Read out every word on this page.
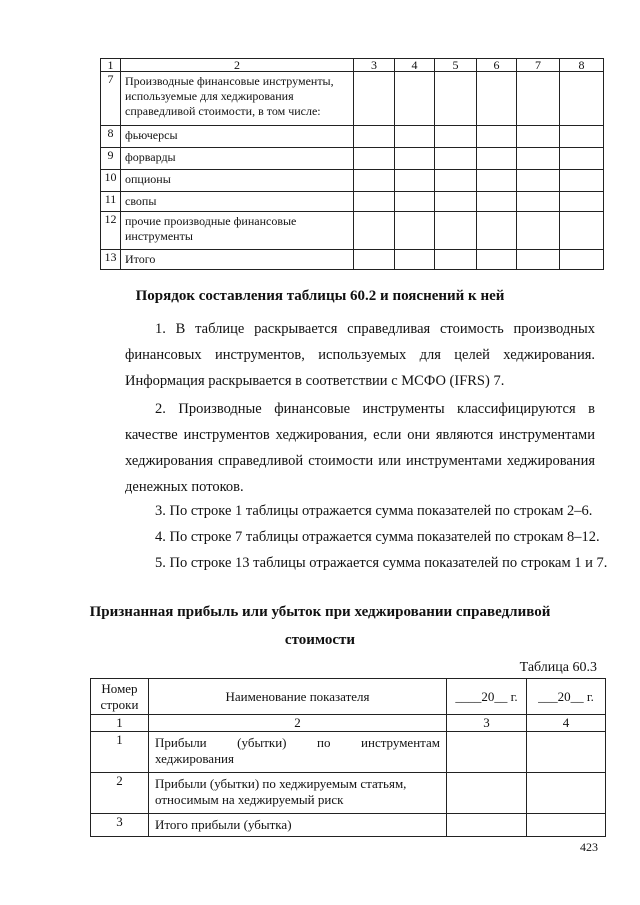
1	2	3	4	5	6	7	8
7	Производные финансовые инструменты, используемые для хеджирования справедливой стоимости, в том числе:						
8	фьючерсы						
9	форварды						
10	опционы						
11	свопы						
12	прочие производные финансовые инструменты						
13	Итого						
Порядок составления таблицы 60.2 и пояснений к ней
1. В таблице раскрывается справедливая стоимость производных финансовых инструментов, используемых для целей хеджирования. Информация раскрывается в соответствии с МСФО (IFRS) 7.
2. Производные финансовые инструменты классифицируются в качестве инструментов хеджирования, если они являются инструментами хеджирования справедливой стоимости или инструментами хеджирования денежных потоков.
3. По строке 1 таблицы отражается сумма показателей по строкам 2–6.
4. По строке 7 таблицы отражается сумма показателей по строкам 8–12.
5. По строке 13 таблицы отражается сумма показателей по строкам 1 и 7.
Признанная прибыль или убыток при хеджировании справедливой
стоимости
Таблица 60.3
Номер строки	Наименование показателя	____20__ г.	___20__ г.
1	2	3	4
1	Прибыли (убытки) по инструментам хеджирования		
2	Прибыли (убытки) по хеджируемым статьям, относимым на хеджируемый риск		
3	Итого прибыли (убытка)		
423
